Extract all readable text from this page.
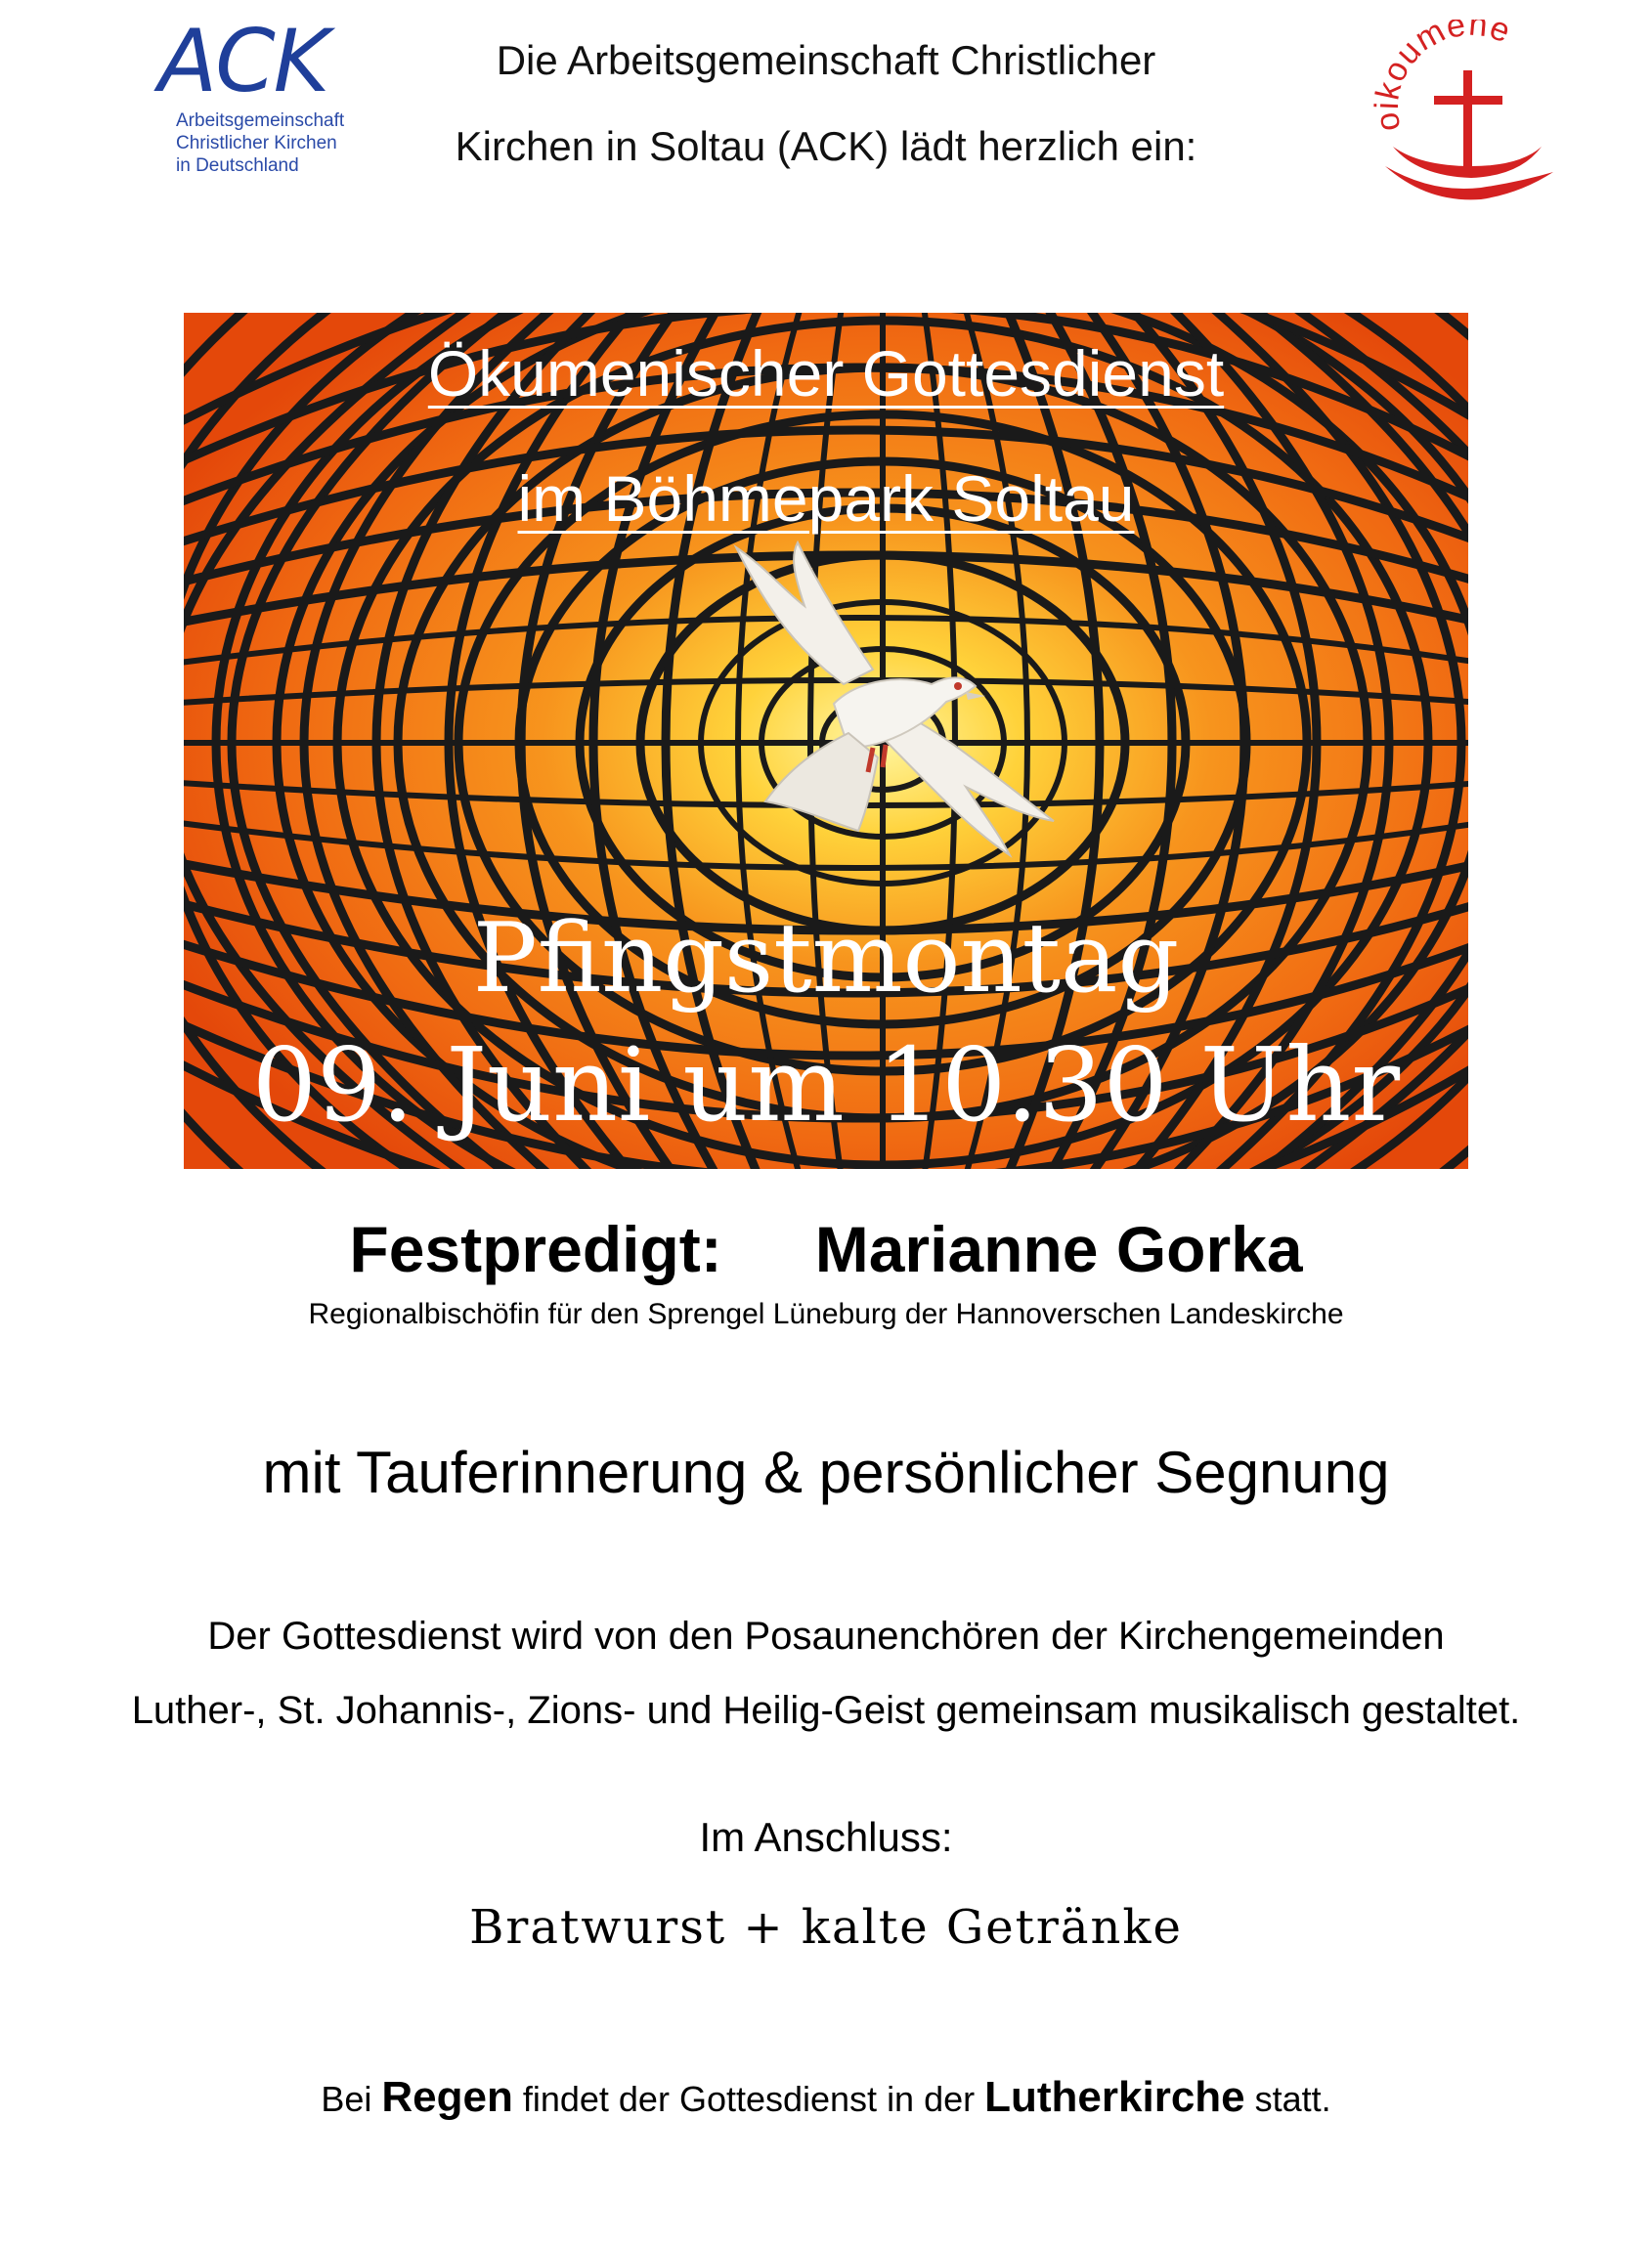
ACK
Arbeitsgemeinschaft
Christlicher Kirchen
in Deutschland
Die Arbeitsgemeinschaft Christlicher
Kirchen in Soltau (ACK) lädt herzlich ein:
oumene
Ökumenischer Gottesdienst
im Böhmepark Soltau
Pfingstmontag
09. Juni um 10.30 Uhr
Festpredigt: Marianne Gorka
Regionalbischöfin für den Sprengel Lüneburg der Hannoverschen Landeskirche
mit Tauferinnerung & persönlicher Segnung
Der Gottesdienst wird von den Posaunenchören der Kirchengemeinden
Luther-, St. Johannis-, Zions- und Heilig-Geist gemeinsam musikalisch gestaltet.
Im Anschluss:
Bratwurst + kalte Getränke
Bei Regen findet der Gottesdienst in der Lutherkirche statt.
